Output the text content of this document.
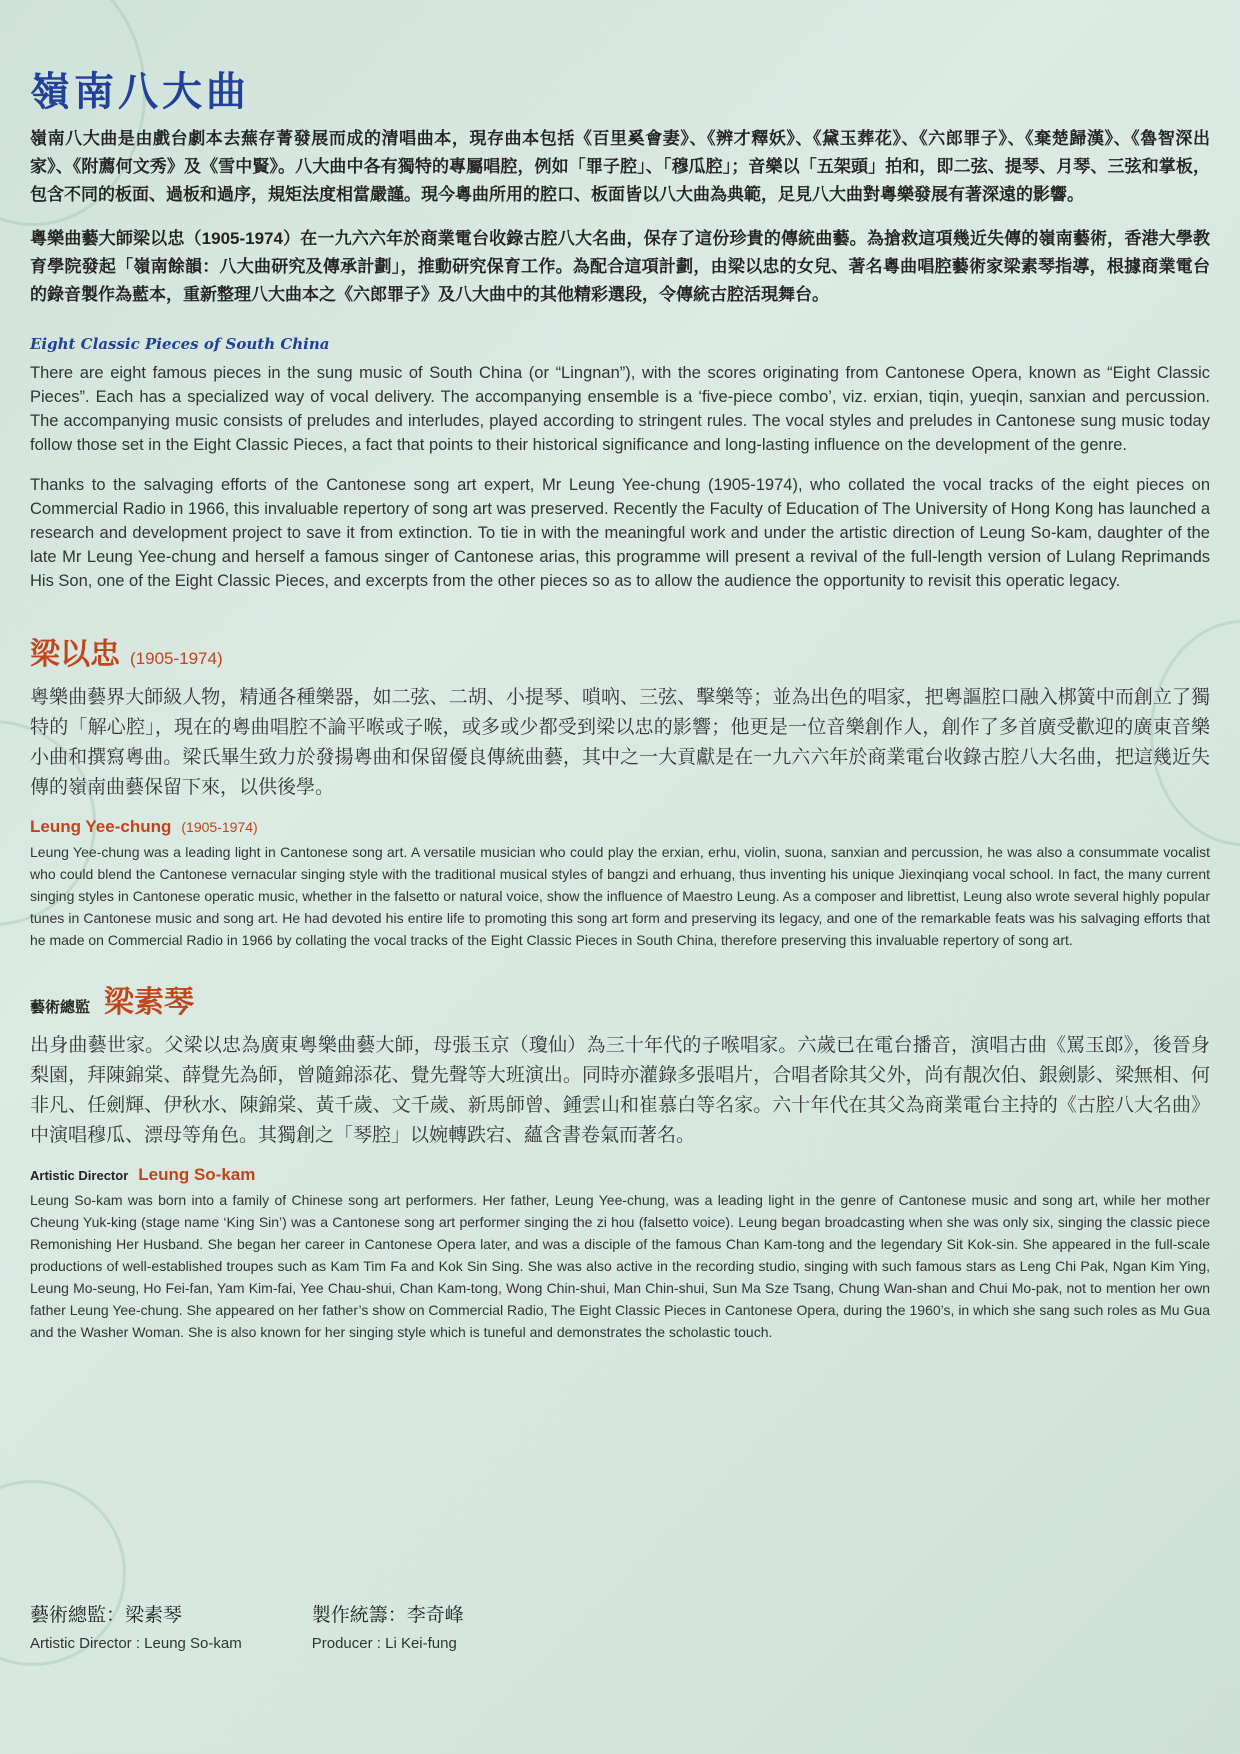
嶺南八大曲

嶺南八大曲是由戲台劇本去蕪存菁發展而成的清唱曲本，現存曲本包括《百里奚會妻》、《辨才釋妖》、《黛玉葬花》、《六郎罪子》、《棄楚歸漢》、《魯智深出家》、《附薦何文秀》及《雪中賢》。八大曲中各有獨特的專屬唱腔，例如「罪子腔」、「穆瓜腔」；音樂以「五架頭」拍和，即二弦、提琴、月琴、三弦和掌板，包含不同的板面、過板和過序，規矩法度相當嚴謹。現今粵曲所用的腔口、板面皆以八大曲為典範，足見八大曲對粵樂發展有著深遠的影響。

粵樂曲藝大師梁以忠（1905-1974）在一九六六年於商業電台收錄古腔八大名曲，保存了這份珍貴的傳統曲藝。為搶救這項幾近失傳的嶺南藝術，香港大學教育學院發起「嶺南餘韻：八大曲研究及傳承計劃」，推動研究保育工作。為配合這項計劃，由梁以忠的女兒、著名粵曲唱腔藝術家梁素琴指導，根據商業電台的錄音製作為藍本，重新整理八大曲本之《六郎罪子》及八大曲中的其他精彩選段，令傳統古腔活現舞台。

Eight Classic Pieces of South China

There are eight famous pieces in the sung music of South China (or “Lingnan”), with the scores originating from Cantonese Opera, known as “Eight Classic Pieces”. Each has a specialized way of vocal delivery. The accompanying ensemble is a ‘five-piece combo’, viz. erxian, tiqin, yueqin, sanxian and percussion. The accompanying music consists of preludes and interludes, played according to stringent rules. The vocal styles and preludes in Cantonese sung music today follow those set in the Eight Classic Pieces, a fact that points to their historical significance and long-lasting influence on the development of the genre.

Thanks to the salvaging efforts of the Cantonese song art expert, Mr Leung Yee-chung (1905-1974), who collated the vocal tracks of the eight pieces on Commercial Radio in 1966, this invaluable repertory of song art was preserved. Recently the Faculty of Education of The University of Hong Kong has launched a research and development project to save it from extinction. To tie in with the meaningful work and under the artistic direction of Leung So-kam, daughter of the late Mr Leung Yee-chung and herself a famous singer of Cantonese arias, this programme will present a revival of the full-length version of Lulang Reprimands His Son, one of the Eight Classic Pieces, and excerpts from the other pieces so as to allow the audience the opportunity to revisit this operatic legacy.

梁以忠 (1905-1974)

粵樂曲藝界大師級人物，精通各種樂器，如二弦、二胡、小提琴、嗩吶、三弦、擊樂等；並為出色的唱家，把粵謳腔口融入梆簧中而創立了獨特的「解心腔」，現在的粵曲唱腔不論平喉或子喉，或多或少都受到梁以忠的影響；他更是一位音樂創作人，創作了多首廣受歡迎的廣東音樂小曲和撰寫粵曲。梁氏畢生致力於發揚粵曲和保留優良傳統曲藝，其中之一大貢獻是在一九六六年於商業電台收錄古腔八大名曲，把這幾近失傳的嶺南曲藝保留下來，以供後學。

Leung Yee-chung (1905-1974)

Leung Yee-chung was a leading light in Cantonese song art. A versatile musician who could play the erxian, erhu, violin, suona, sanxian and percussion, he was also a consummate vocalist who could blend the Cantonese vernacular singing style with the traditional musical styles of bangzi and erhuang, thus inventing his unique Jiexinqiang vocal school. In fact, the many current singing styles in Cantonese operatic music, whether in the falsetto or natural voice, show the influence of Maestro Leung. As a composer and librettist, Leung also wrote several highly popular tunes in Cantonese music and song art. He had devoted his entire life to promoting this song art form and preserving its legacy, and one of the remarkable feats was his salvaging efforts that he made on Commercial Radio in 1966 by collating the vocal tracks of the Eight Classic Pieces in South China, therefore preserving this invaluable repertory of song art.

藝術總監 梁素琴

出身曲藝世家。父梁以忠為廣東粵樂曲藝大師，母張玉京（瓊仙）為三十年代的子喉唱家。六歲已在電台播音，演唱古曲《罵玉郎》，後晉身梨園，拜陳錦棠、薛覺先為師，曾隨錦添花、覺先聲等大班演出。同時亦灌錄多張唱片，合唱者除其父外，尚有靚次伯、銀劍影、梁無相、何非凡、任劍輝、伊秋水、陳錦棠、黃千歲、文千歲、新馬師曾、鍾雲山和崔慕白等名家。六十年代在其父為商業電台主持的《古腔八大名曲》中演唱穆瓜、漂母等角色。其獨創之「琴腔」以婉轉跌宕、蘊含書卷氣而著名。

Artistic Director Leung So-kam

Leung So-kam was born into a family of Chinese song art performers. Her father, Leung Yee-chung, was a leading light in the genre of Cantonese music and song art, while her mother Cheung Yuk-king (stage name ‘King Sin’) was a Cantonese song art performer singing the zi hou (falsetto voice). Leung began broadcasting when she was only six, singing the classic piece Remonishing Her Husband. She began her career in Cantonese Opera later, and was a disciple of the famous Chan Kam-tong and the legendary Sit Kok-sin. She appeared in the full-scale productions of well-established troupes such as Kam Tim Fa and Kok Sin Sing. She was also active in the recording studio, singing with such famous stars as Leng Chi Pak, Ngan Kim Ying, Leung Mo-seung, Ho Fei-fan, Yam Kim-fai, Yee Chau-shui, Chan Kam-tong, Wong Chin-shui, Man Chin-shui, Sun Ma Sze Tsang, Chung Wan-shan and Chui Mo-pak, not to mention her own father Leung Yee-chung. She appeared on her father’s show on Commercial Radio, The Eight Classic Pieces in Cantonese Opera, during the 1960’s, in which she sang such roles as Mu Gua and the Washer Woman. She is also known for her singing style which is tuneful and demonstrates the scholastic touch.

藝術總監：梁素琴
Artistic Director : Leung So-kam
製作統籌：李奇峰
Producer : Li Kei-fung
